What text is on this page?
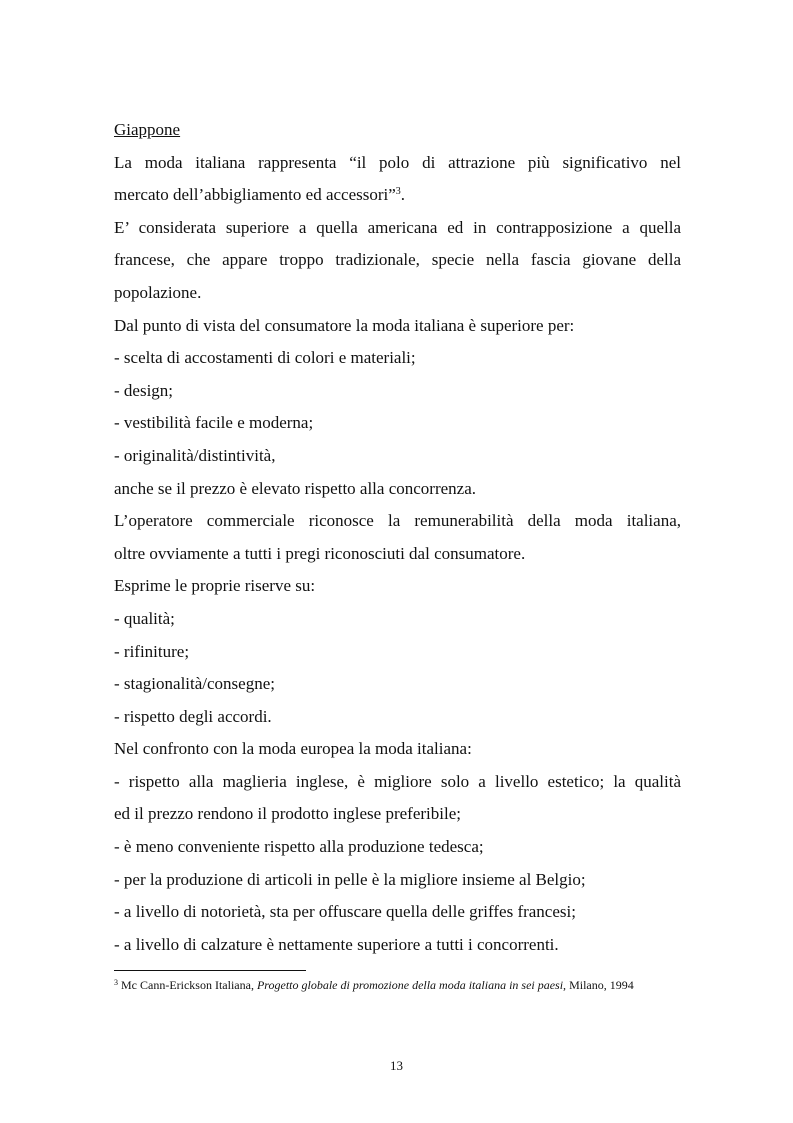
Giappone
La moda italiana rappresenta “il polo di attrazione più significativo nel
mercato dell’abbigliamento ed accessori”$^3$.
E’ considerata superiore a quella americana ed in contrapposizione a quella
francese, che appare troppo tradizionale, specie nella fascia giovane della
popolazione.
Dal punto di vista del consumatore la moda italiana è superiore per:
- scelta di accostamenti di colori e materiali;
- design;
- vestibilità facile e moderna;
- originalità/distintività,
anche se il prezzo è elevato rispetto alla concorrenza.
L’operatore commerciale riconosce la remunerabilità della moda italiana,
oltre ovviamente a tutti i pregi riconosciuti dal consumatore.
Esprime le proprie riserve su:
- qualità;
- rifiniture;
- stagionalità/consegne;
- rispetto degli accordi.
Nel confronto con la moda europea la moda italiana:
- rispetto alla maglieria inglese, è migliore solo a livello estetico; la qualità
ed il prezzo rendono il prodotto inglese preferibile;
- è meno conveniente rispetto alla produzione tedesca;
- per la produzione di articoli in pelle è la migliore insieme al Belgio;
- a livello di notorietà, sta per offuscare quella delle griffes francesi;
- a livello di calzature è nettamente superiore a tutti i concorrenti.
$^3$ Mc Cann-Erickson Italiana, Progetto globale di promozione della moda italiana in sei paesi, Milano, 1994
13
